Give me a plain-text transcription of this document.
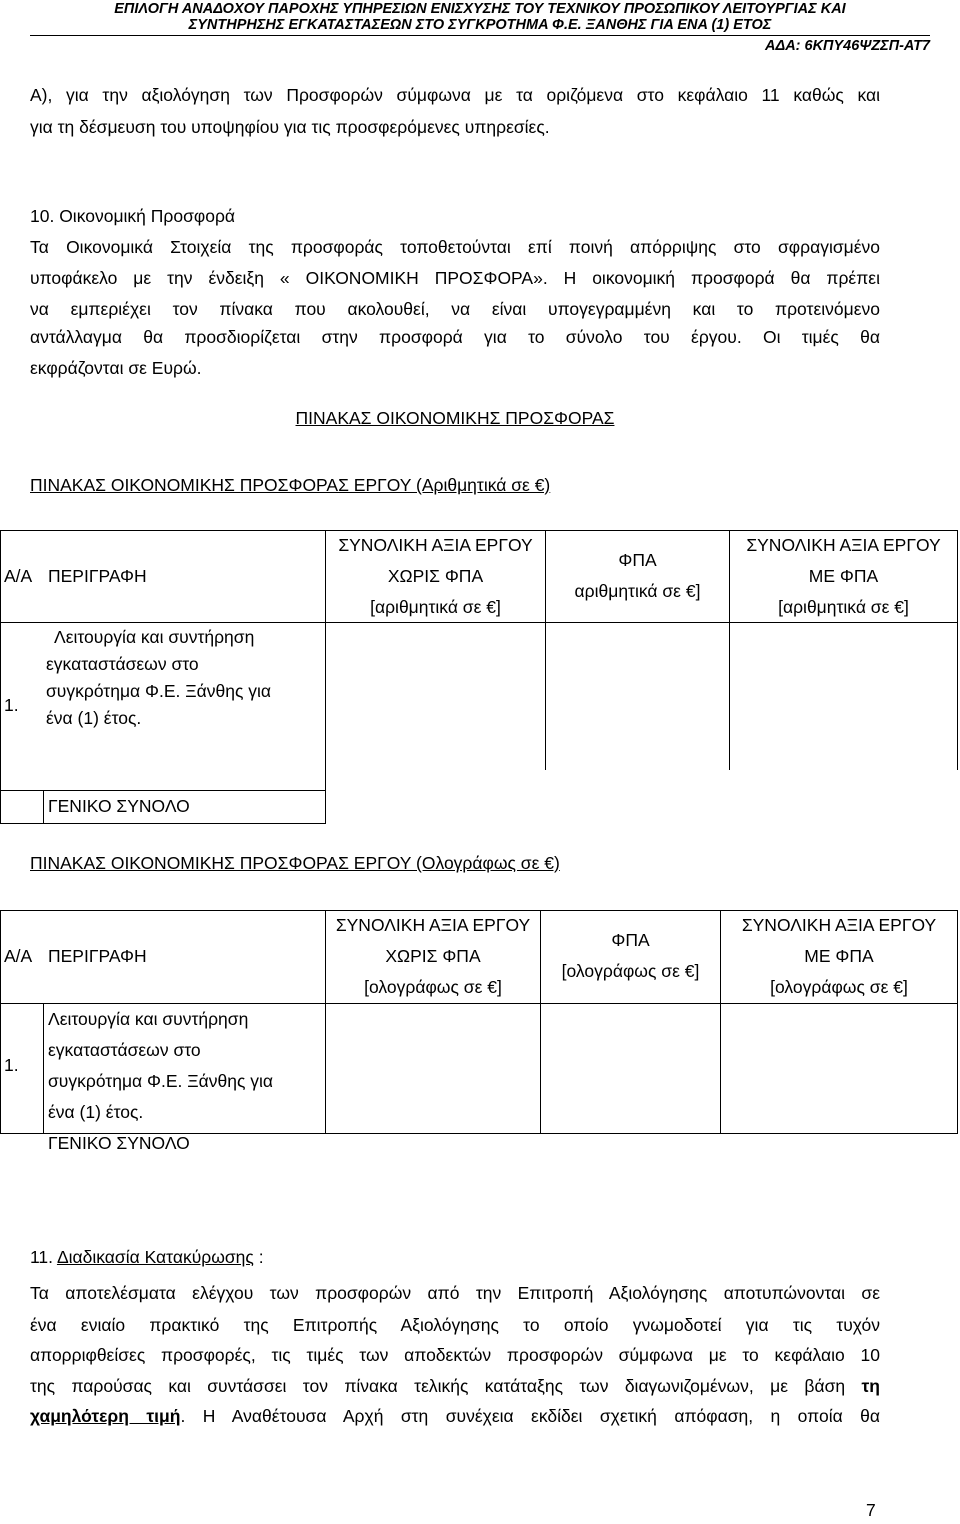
ΕΠΙΛΟΓΗ ΑΝΑΔΟΧΟΥ ΠΑΡΟΧΗΣ ΥΠΗΡΕΣΙΩΝ ΕΝΙΣΧΥΣΗΣ ΤΟΥ ΤΕΧΝΙΚΟΥ ΠΡΟΣΩΠΙΚΟΥ ΛΕΙΤΟΥΡΓΙΑΣ ΚΑΙ
ΣΥΝΤΗΡΗΣΗΣ ΕΓΚΑΤΑΣΤΑΣΕΩΝ ΣΤΟ ΣΥΓΚΡΟΤΗΜΑ Φ.Ε. ΞΑΝΘΗΣ ΓΙΑ ΕΝΑ (1) ΕΤΟΣ
ΑΔΑ: 6ΚΠΥ46ΨΖΣΠ-ΑΤ7
Α), για την αξιολόγηση των Προσφορών σύμφωνα με τα οριζόμενα στο κεφάλαιο 11 καθώς και
για τη δέσμευση του υποψηφίου για τις προσφερόμενες υπηρεσίες.
10. Οικονομική Προσφορά
Τα Οικονομικά Στοιχεία της προσφοράς τοποθετούνται επί ποινή απόρριψης στο σφραγισμένο
υποφάκελο με την ένδειξη « ΟΙΚΟΝΟΜΙΚΗ ΠΡΟΣΦΟΡΑ». Η οικονομική προσφορά θα πρέπει
να εμπεριέχει τον πίνακα που ακολουθεί, να είναι υπογεγραμμένη και το προτεινόμενο
αντάλλαγμα θα προσδιορίζεται στην προσφορά για το σύνολο του έργου. Οι τιμές θα
εκφράζονται σε Ευρώ.
ΠΙΝΑΚΑΣ ΟΙΚΟΝΟΜΙΚΗΣ ΠΡΟΣΦΟΡΑΣ
ΠΙΝΑΚΑΣ ΟΙΚΟΝΟΜΙΚΗΣ ΠΡΟΣΦΟΡΑΣ ΕΡΓΟΥ (Αριθμητικά σε €)
Α/Α ΠΕΡΙΓΡΑΦΗ
ΣΥΝΟΛΙΚΗ ΑΞΙΑ ΕΡΓΟΥ
ΧΩΡΙΣ ΦΠΑ
[αριθμητικά σε €]
ΦΠΑ
αριθμητικά σε €]
ΣΥΝΟΛΙΚΗ ΑΞΙΑ ΕΡΓΟΥ
ΜΕ ΦΠΑ
[αριθμητικά σε €]
1.
Λειτουργία και συντήρηση
εγκαταστάσεων στο
συγκρότημα Φ.Ε. Ξάνθης για
ένα (1) έτος.
ΓΕΝΙΚΟ ΣΥΝΟΛΟ
ΠΙΝΑΚΑΣ ΟΙΚΟΝΟΜΙΚΗΣ ΠΡΟΣΦΟΡΑΣ ΕΡΓΟΥ (Ολογράφως σε €)
Α/Α ΠΕΡΙΓΡΑΦΗ
ΣΥΝΟΛΙΚΗ ΑΞΙΑ ΕΡΓΟΥ
ΧΩΡΙΣ ΦΠΑ
[ολογράφως σε €]
ΦΠΑ
[ολογράφως σε €]
ΣΥΝΟΛΙΚΗ ΑΞΙΑ ΕΡΓΟΥ
ΜΕ ΦΠΑ
[ολογράφως σε €]
1.
Λειτουργία και συντήρηση
εγκαταστάσεων στο
συγκρότημα Φ.Ε. Ξάνθης για
ένα (1) έτος.
ΓΕΝΙΚΟ ΣΥΝΟΛΟ
11. Διαδικασία Κατακύρωσης :
Τα αποτελέσματα ελέγχου των προσφορών από την Επιτροπή Αξιολόγησης αποτυπώνονται σε
ένα ενιαίο πρακτικό της Επιτροπής Αξιολόγησης το οποίο γνωμοδοτεί για τις τυχόν
απορριφθείσες προσφορές, τις τιμές των αποδεκτών προσφορών σύμφωνα με το κεφάλαιο 10
της παρούσας και συντάσσει τον πίνακα τελικής κατάταξης των διαγωνιζομένων, με βάση τη
χαμηλότερη τιμή. Η Αναθέτουσα Αρχή στη συνέχεια εκδίδει σχετική απόφαση, η οποία θα
7
